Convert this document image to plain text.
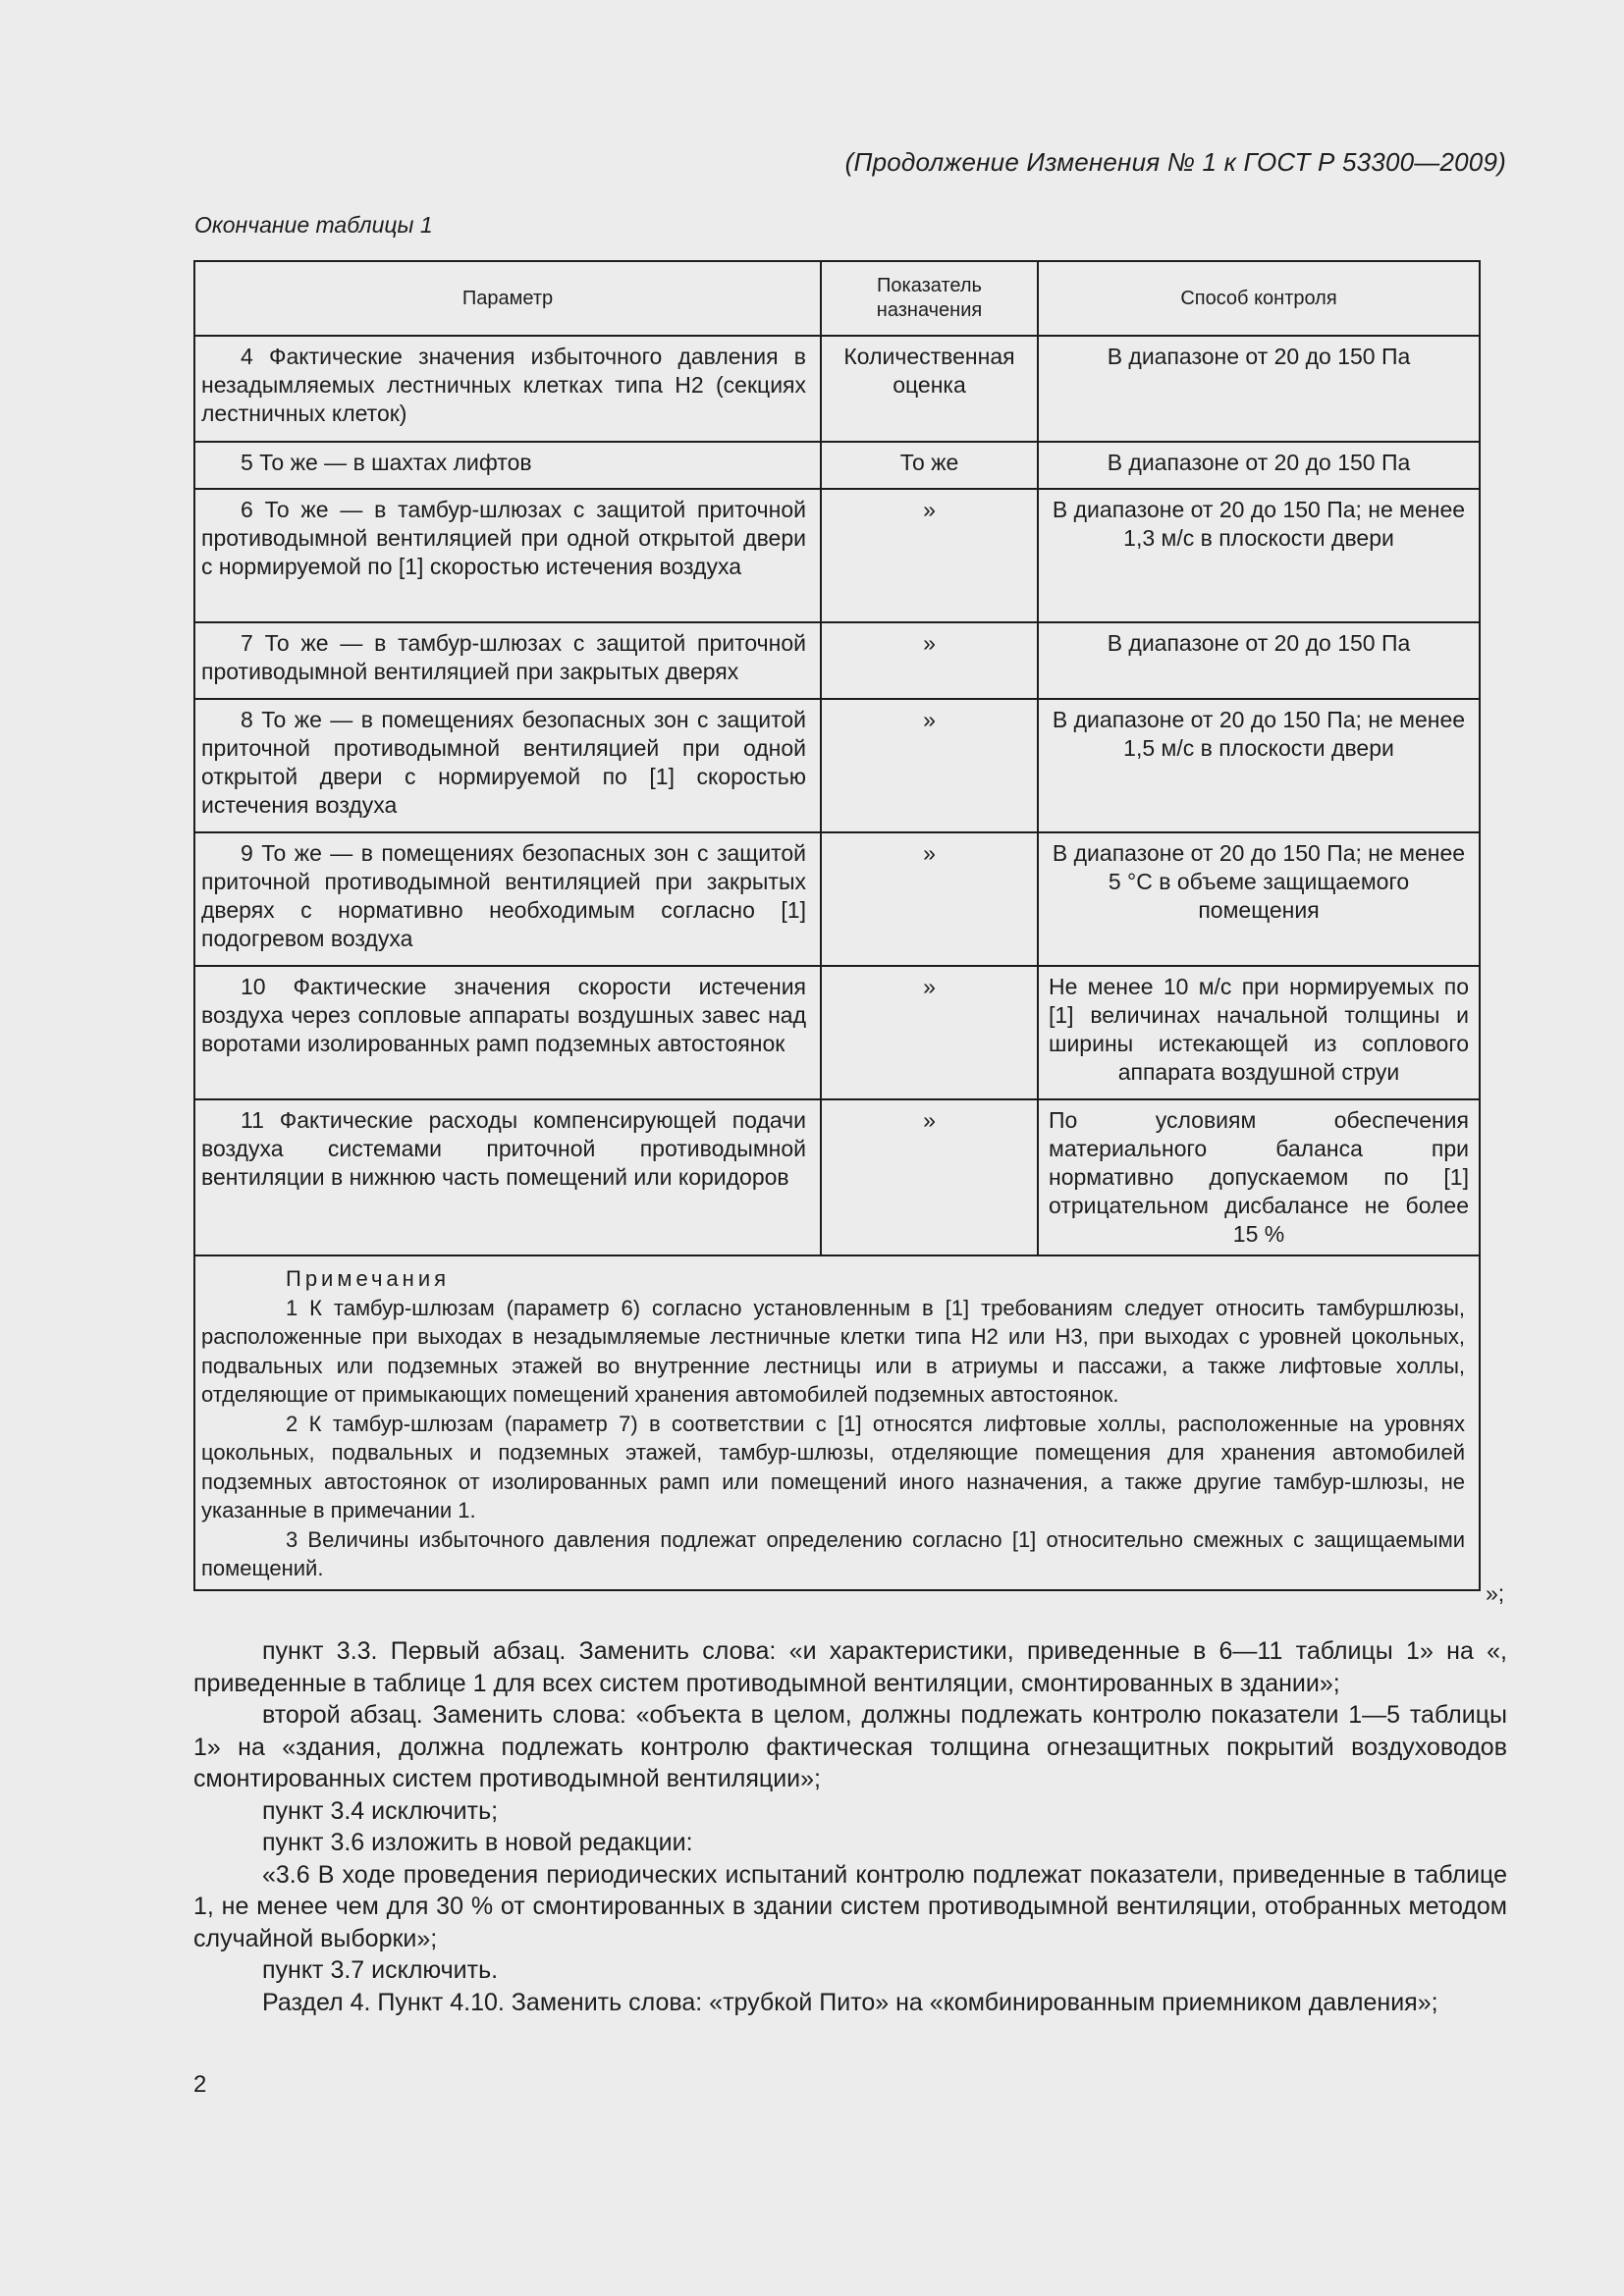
(Продолжение Изменения № 1 к ГОСТ Р 53300—2009)
Окончание таблицы 1
Параметр	Показатель назначения	Способ контроля
4 Фактические значения избыточного давления в незадымляемых лестничных клетках типа Н2 (секциях лестничных клеток)	Количественная оценка	В диапазоне от 20 до 150 Па
5 То же — в шахтах лифтов	То же	В диапазоне от 20 до 150 Па
6 То же — в тамбур-шлюзах с защитой приточной противодымной вентиляцией при одной открытой двери с нормируемой по [1] скоростью истечения воздуха	»	В диапазоне от 20 до 150 Па; не менее 1,3 м/с в плоскости двери
7 То же — в тамбур-шлюзах с защитой приточной противодымной вентиляцией при закрытых дверях	»	В диапазоне от 20 до 150 Па
8 То же — в помещениях безопасных зон с защитой приточной противодымной вентиляцией при одной открытой двери с нормируемой по [1] скоростью истечения воздуха	»	В диапазоне от 20 до 150 Па; не менее 1,5 м/с в плоскости двери
9 То же — в помещениях безопасных зон с защитой приточной противодымной вентиляцией при закрытых дверях с нормативно необходимым согласно [1] подогревом воздуха	»	В диапазоне от 20 до 150 Па; не менее 5 °С в объеме защищаемого помещения
10 Фактические значения скорости истечения воздуха через сопловые аппараты воздушных завес над воротами изолированных рамп подземных автостоянок	»	Не менее 10 м/с при нормируемых по [1] величинах начальной толщины и ширины истекающей из соплового аппарата воздушной струи
11 Фактические расходы компенсирующей подачи воздуха системами приточной противодымной вентиляции в нижнюю часть помещений или коридоров	»	По условиям обеспечения материального баланса при нормативно допускаемом по [1] отрицательном дисбалансе не более 15 %

Примечания

1 К тамбур-шлюзам (параметр 6) согласно установленным в [1] требованиям следует относить тамбуршлюзы, расположенные при выходах в незадымляемые лестничные клетки типа Н2 или Н3, при выходах с уровней цокольных, подвальных или подземных этажей во внутренние лестницы или в атриумы и пассажи, а также лифтовые холлы, отделяющие от примыкающих помещений хранения автомобилей подземных автостоянок.

2 К тамбур-шлюзам (параметр 7) в соответствии с [1] относятся лифтовые холлы, расположенные на уровнях цокольных, подвальных и подземных этажей, тамбур-шлюзы, отделяющие помещения для хранения автомобилей подземных автостоянок от изолированных рамп или помещений иного назначения, а также другие тамбур-шлюзы, не указанные в примечании 1.

3 Величины избыточного давления подлежат определению согласно [1] относительно смежных с защищаемыми помещений.		

»;

пункт 3.3. Первый абзац. Заменить слова: «и характеристики, приведенные в 6—11 таблицы 1» на «, приведенные в таблице 1 для всех систем противодымной вентиляции, смонтированных в здании»;

второй абзац. Заменить слова: «объекта в целом, должны подлежать контролю показатели 1—5 таблицы 1» на «здания, должна подлежать контролю фактическая толщина огнезащитных покрытий воздуховодов смонтированных систем противодымной вентиляции»;

пункт 3.4 исключить;

пункт 3.6 изложить в новой редакции:

«3.6 В ходе проведения периодических испытаний контролю подлежат показатели, приведенные в таблице 1, не менее чем для 30 % от смонтированных в здании систем противодымной вентиляции, отобранных методом случайной выборки»;

пункт 3.7 исключить.

Раздел 4. Пункт 4.10. Заменить слова: «трубкой Пито» на «комбинированным приемником давления»;

2
